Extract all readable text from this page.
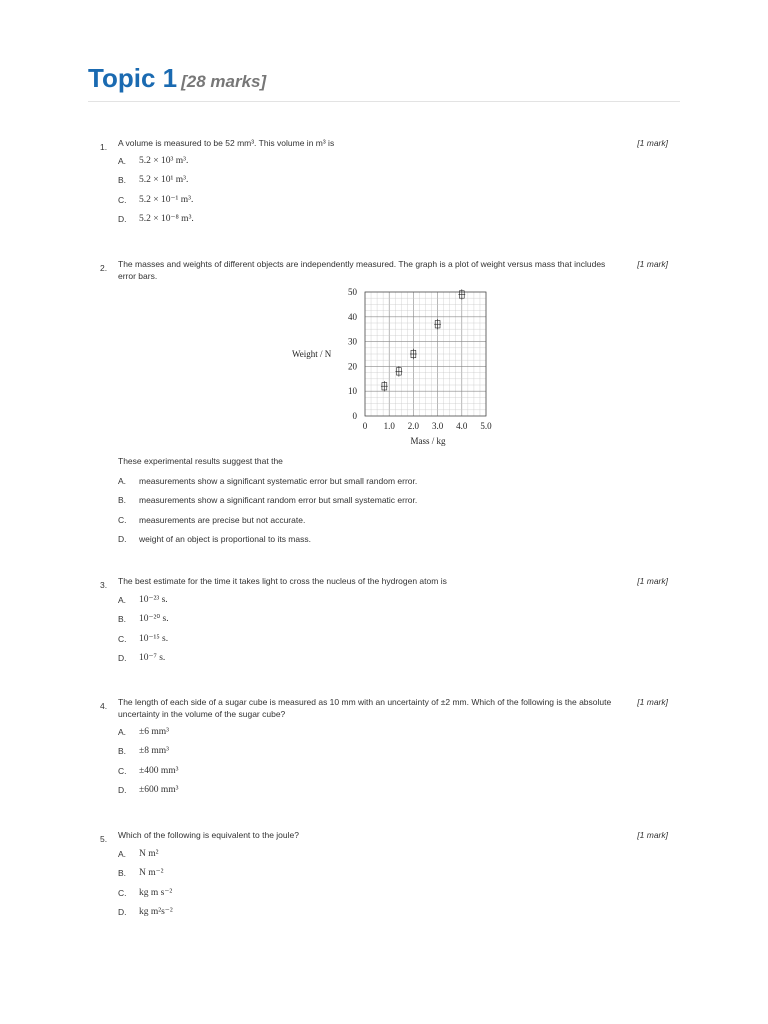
Topic 1 [28 marks]
1. A volume is measured to be 52 mm³. This volume in m³ is	[1 mark]
A. 5.2 × 10³ m³.
B. 5.2 × 10¹ m³.
C. 5.2 × 10⁻¹ m³.
D. 5.2 × 10⁻⁸ m³.
2. The masses and weights of different objects are independently measured. The graph is a plot of weight versus mass that includes error bars.
[1 mark]
These experimental results suggest that the
A. measurements show a significant systematic error but small random error.
B. measurements show a significant random error but small systematic error.
C. measurements are precise but not accurate.
D. weight of an object is proportional to its mass.
0 1.0 2.0 3.0 4.0 5.0
0
10
20
30
40
50
Weight / N
Mass / kg
3. The best estimate for the time it takes light to cross the nucleus of the hydrogen atom is	[1 mark]
A. 10⁻²³ s.
B. 10⁻²⁰ s.
C. 10⁻¹⁵ s.
D. 10⁻⁷ s.
4. The length of each side of a sugar cube is measured as 10 mm with an uncertainty of ±2 mm. Which of the following is the absolute uncertainty in the volume of the sugar cube?
[1 mark]
A. ±6 mm³
B. ±8 mm³
C. ±400 mm³
D. ±600 mm³
5. Which of the following is equivalent to the joule?	[1 mark]
A. N m²
B. N m⁻²
C. kg m s⁻²
D. kg m²s⁻²
